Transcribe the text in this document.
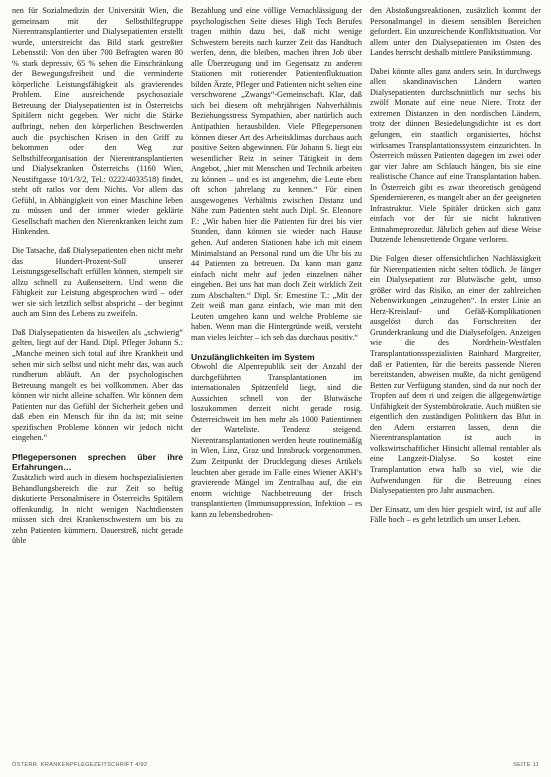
nen für Sozialmedizin der Universität Wien, die gemeinsam mit der Selbsthilfegruppe Nierentransplantierter und Dialysepatienten erstellt wurde, unterstreicht das Bild stark gestreßter Lebensstil: Von den über 700 Befragten waren 80 % stark depressiv, 65 % sehen die Einschränkung der Bewegungsfreiheit und die verminderte körperliche Leistungsfähigkeit als gravierendes Problem. Eine ausreichende psychosoziale Betreuung der Dialysepatienten ist in Österreichs Spitälern nicht gegeben. Wer nicht die Stärke aufbringt, neben den körperlichen Beschwerden auch die psychischen Krisen in den Griff zu bekommen oder den Weg zur Selbsthilfeorganisation der Nierentransplantierten und Dialysekranken Österreichs (1160 Wien, Neustiftgasse 10/1/3/2, Tel.: 0222/4033518) findet, steht oft ratlos vor dem Nichts. Vor allem das Gefühl, in Abhängigkeit von einer Maschine leben zu müssen und der immer wieder geklärte Gesellschaft machen den Nierenkranken leicht zum Hinkenden.

Die Tatsache, daß Dialysepatienten eben nicht mehr das Hundert-Prozent-Soll unserer Leistungsgesellschaft erfüllen können, stempelt sie allzu schnell zu Außenseitern. Und wenn die Fähigkeit zur Leistung abgesprochen wird – oder wer sie sich letztlich selbst abspricht – der beginnt auch am Sinn des Lebens zu zweifeln.

Daß Dialysepatienten da bisweilen als „schwierig“ gelten, liegt auf der Hand. Dipl. Pfleger Johann S.: „Manche meinen sich total auf ihre Krankheit und sehen mir sich selbst und nicht mehr das, was auch rundherum abläuft. An der psychologischen Betreuung mangelt es bei vollkommen. Aber das können wir nicht alleine schaffen. Wir können dem Patienten nur das Gefühl der Sicherheit geben und daß eben ein Mensch für ihn da ist; mit seine spezifischen Probleme können wir jedoch nicht eingehen.“

Pflegepersonen sprechen über ihre Erfahrungen…

Zusätzlich wird auch in diesem hochspezialisierten Behandlungsbereich die zur Zeit so heftig diskutierte Personalmisere in Österreichs Spitälern offenkundig. In nicht wenigen Nachtdiensten müssen sich drei Krankenschwestern um bis zu zehn Patienten kümmern. Dauerstreß, nicht gerade üble

Bezahlung und eine völlige Vernachlässigung der psychologischen Seite dieses High Tech Berufes tragen mithin dazu bei, daß nicht wenige Schwestern bereits nach kurzer Zeit das Handtuch werfen, denn, die bleiben, machen ihren Job über alle Überzeugung und im Gegensatz zu anderen Stationen mit rotierender Patientenfluktuation bilden Ärzte, Pfleger und Patienten nicht selten eine verschworene „Zwangs“-Gemeinschaft. Klar, daß sich bei diesem oft mehrjährigen Nahverhältnis Beziehungsstress Sympathien, aber natürlich auch Antipathien herausbilden. Viele Pflegepersonen können dieser Art des Arbeitsklimas durchaus auch positive Seiten abgewinnen. Für Johann S. liegt ein wesentlicher Reiz in seiner Tätigkeit in dem Angebot, „hier mit Menschen und Technik arbeiten zu können – und es ist angenehm, die Leute eben oft schon jahrelang zu kennen.“ Für einen ausgewogenes Verhältnis zwischen Distanz und Nähe zum Patienten steht auch Dipl. Sr. Eleonore F.: „Wir haben hier die Patienten für drei bis vier Stunden, dann können sie wieder nach Hause gehen. Auf anderen Stationen habe ich mit einem Minimalstand an Personal rund um die Uhr bis zu 44 Patienten zu betreuen. Da kann man ganz einfach nicht mehr auf jeden einzelnen näher eingehen. Bei uns hat man doch Zeit wirklich Zeit zum Abschalten.“ Dipl. Sr. Ernestine T.: „Mit der Zeit weiß man ganz einfach, wie man mit den Leuten umgehen kann und welche Probleme sie haben. Wenn man die Hintergründe weiß, versteht man vieles leichter – ich seh das durchaus positiv.“

Unzulänglichkeiten im System

Obwohl die Alpenrepublik seit der Anzahl der durchgeführten Transplantationen im internationalen Spitzenfeld liegt, sind die Aussichten schnell von der Blutwäsche loszukommen derzeit nicht gerade rosig. Österreichweit im hen mehr als 1000 Patientinnen der Warteliste. Tendenz steigend. Nierentransplantationen werden heute routinemäßig in Wien, Linz, Graz und Innsbruck vorgenommen. Zum Zeitpunkt der Drucklegung dieses Artikels leuchten aber gerade im Falle eines Wiener AKH’s gravierende Mängel im Zentralbau auf, die ein enorm wichtige Nachbetreuung der frisch transplantierten (Immunsuppression, Infektion – es kann zu lebensbedrohen-

den Abstoßungsreaktionen, zusätzlich kommt der Personalmangel in diesem sensiblen Bereichen gefordert. Ein unzureichende Konfliktsituation. Vor allem unter den Dialysepatienten im Osten des Landes herrscht deshalb mittlere Panikstimmung.

Dabei könnte alles ganz anders sein. In durchwegs allen skandinavischen Ländern warten Dialysepatienten durchschnittlich nur sechs bis zwölf Monate auf eine neue Niere. Trotz der extremen Distanzen in den nordischen Ländern, trotz der dünnen Besiedelungsdichte ist es dort gelungen, ein staatlich organisiertes, höchst wirksames Transplantationssystem einzurichten. In Österreich müssen Patienten dagegen im zwei oder gar vier Jahre am Schlauch hängen, bis sie eine realistische Chance auf eine Transplantation haben. In Österreich gibt es zwar theoretisch genügend Spenderniereren, es mangelt aber an der geeigneten Infrastruktur. Viele Spitäler drücken sich ganz einfach vor der für sie nicht lukrativen Entnahmeprozedur. Jährlich gehen auf diese Weise Dutzende lebensrettende Organe verloren.

Die Folgen dieser offensichtlichen Nachlässigkeit für Nierenpatienten nicht selten tödlich. Je länger ein Dialysepatient zur Blutwäsche geht, umso größer wird das Risiko, an einer der zahlreichen Nebenwirkungen „einzugehen“. In erster Linie an Herz-Kreislauf- und Gefäß-Komplikationen ausgelöst durch das Fortschreiten der Grunderkrankung und die Dialysefolgen. Anzeigen wie die des Nordrhein-Westfalen Transplantationsspezialisten Rainhard Margreiter, daß er Patienten, für die bereits passende Nieren bereitstanden, abweisen mußte, da nicht genügend Betten zur Verfügung standen, sind da nur noch der Tropfen auf dem ri und zeigen die allgegenwärtige Unfähigkeit der Systembürokratie. Auch müßten sie eigentlich den zuständigen Politikern das Blut in den Adern erstarren lassen, denn die Nierentransplantation ist auch in volkswirtschaftlicher Hinsicht allemal rentabler als eine Langzeit-Dialyse. So kostet eine Transplantation etwa halb so viel, wie die Aufwendungen für die Betreuung eines Dialysepatienten pro Jahr ausmachen.

Der Einsatz, um den hier gespielt wird, ist auf alle Fälle hoch – es geht letztlich um unser Leben.

ÖSTERR. KRANKENPFLEGEZEITSCHRIFT 4/92	SEITE 11
